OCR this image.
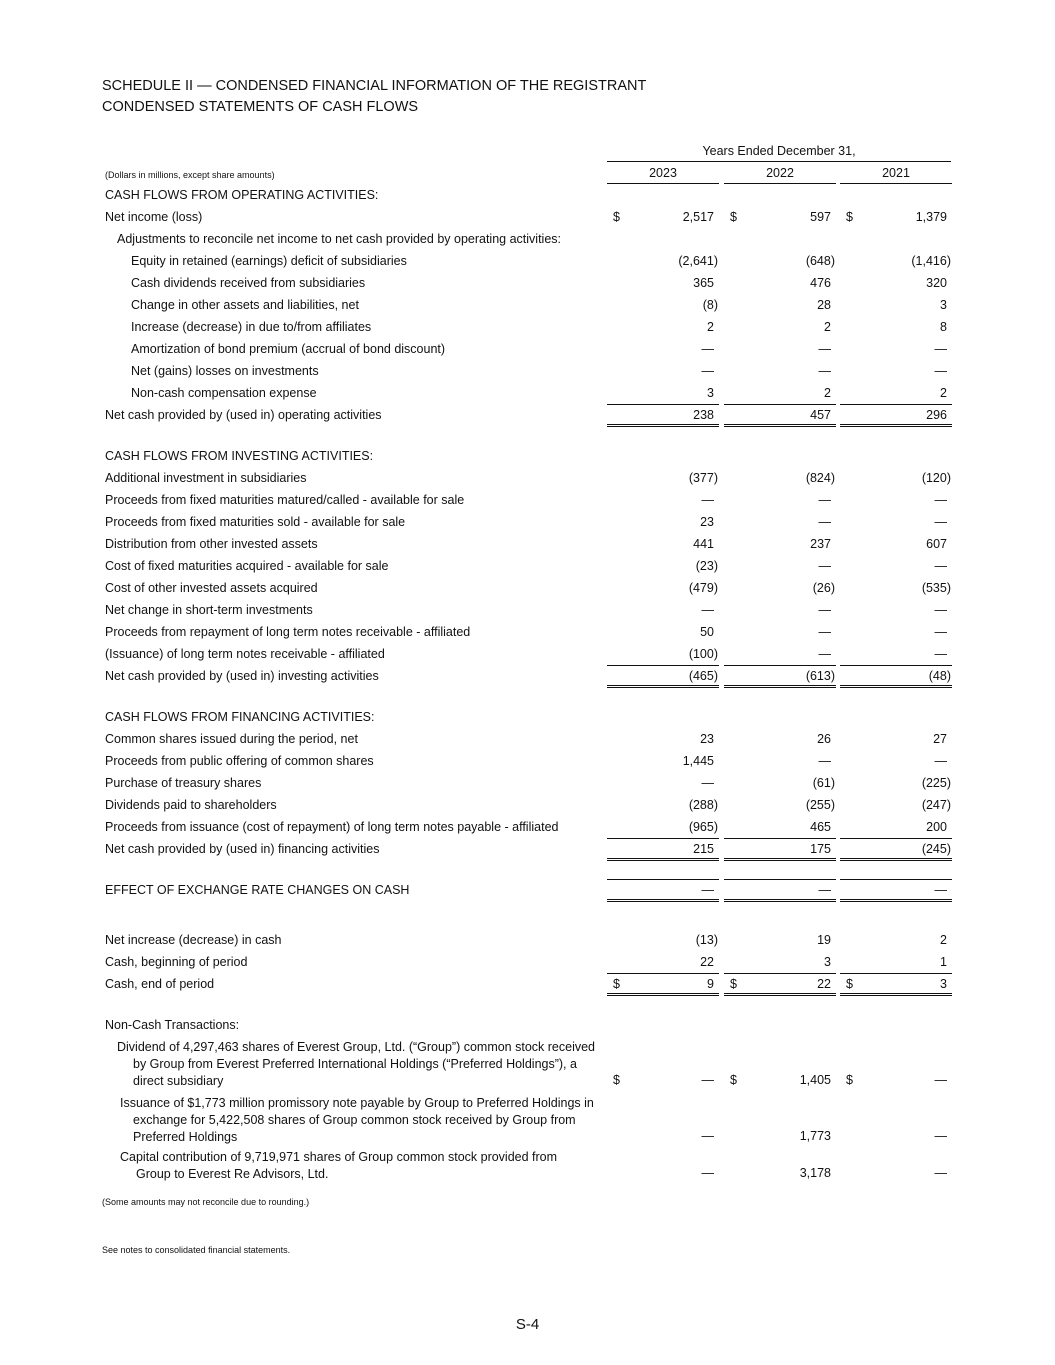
SCHEDULE II — CONDENSED FINANCIAL INFORMATION OF THE REGISTRANT
CONDENSED STATEMENTS OF CASH FLOWS
Years Ended December 31,
(Dollars in millions, except share amounts)	2023	2022	2021
CASH FLOWS FROM OPERATING ACTIVITIES:
Net income (loss)	$	2,517 $	597 $	1,379
Adjustments to reconcile net income to net cash provided by operating activities:
Equity in retained (earnings) deficit of subsidiaries	(2,641)	(648)	(1,416)
Cash dividends received from subsidiaries	365	476	320
Change in other assets and liabilities, net	(8)	28	3
Increase (decrease) in due to/from affiliates	2	2	8
Amortization of bond premium (accrual of bond discount)	—	—	—
Net (gains) losses on investments	—	—	—
Non-cash compensation expense	3	2	2
Net cash provided by (used in) operating activities	238	457	296
CASH FLOWS FROM INVESTING ACTIVITIES:
Additional investment in subsidiaries	(377)	(824)	(120)
Proceeds from fixed maturities matured/called - available for sale	—	—	—
Proceeds from fixed maturities sold - available for sale	23	—	—
Distribution from other invested assets	441	237	607
Cost of fixed maturities acquired - available for sale	(23)	—	—
Cost of other invested assets acquired	(479)	(26)	(535)
Net change in short-term investments	—	—	—
Proceeds from repayment of long term notes receivable - affiliated	50	—	—
(Issuance) of long term notes receivable - affiliated	(100)	—	—
Net cash provided by (used in) investing activities	(465)	(613)	(48)
CASH FLOWS FROM FINANCING ACTIVITIES:
Common shares issued during the period, net	23	26	27
Proceeds from public offering of common shares	1,445	—	—
Purchase of treasury shares	—	(61)	(225)
Dividends paid to shareholders	(288)	(255)	(247)
Proceeds from issuance (cost of repayment) of long term notes payable - affiliated	(965)	465	200
Net cash provided by (used in) financing activities	215	175	(245)
EFFECT OF EXCHANGE RATE CHANGES ON CASH	—	—	—
Net increase (decrease) in cash	(13)	19	2
Cash, beginning of period	22	3	1
Cash, end of period	$	9 $	22 $	3
Non-Cash Transactions:
Dividend of 4,297,463 shares of Everest Group, Ltd. (“Group”) common stock received
by Group from Everest Preferred International Holdings (“Preferred Holdings”), a
direct subsidiary	$	— $	1,405 $	—
Issuance of $1,773 million promissory note payable by Group to Preferred Holdings in
exchange for 5,422,508 shares of Group common stock received by Group from
Preferred Holdings	—	1,773	—
Capital contribution of 9,719,971 shares of Group common stock provided from
Group to Everest Re Advisors, Ltd.	—	3,178	—
(Some amounts may not reconcile due to rounding.)
See notes to consolidated financial statements.
S-4
